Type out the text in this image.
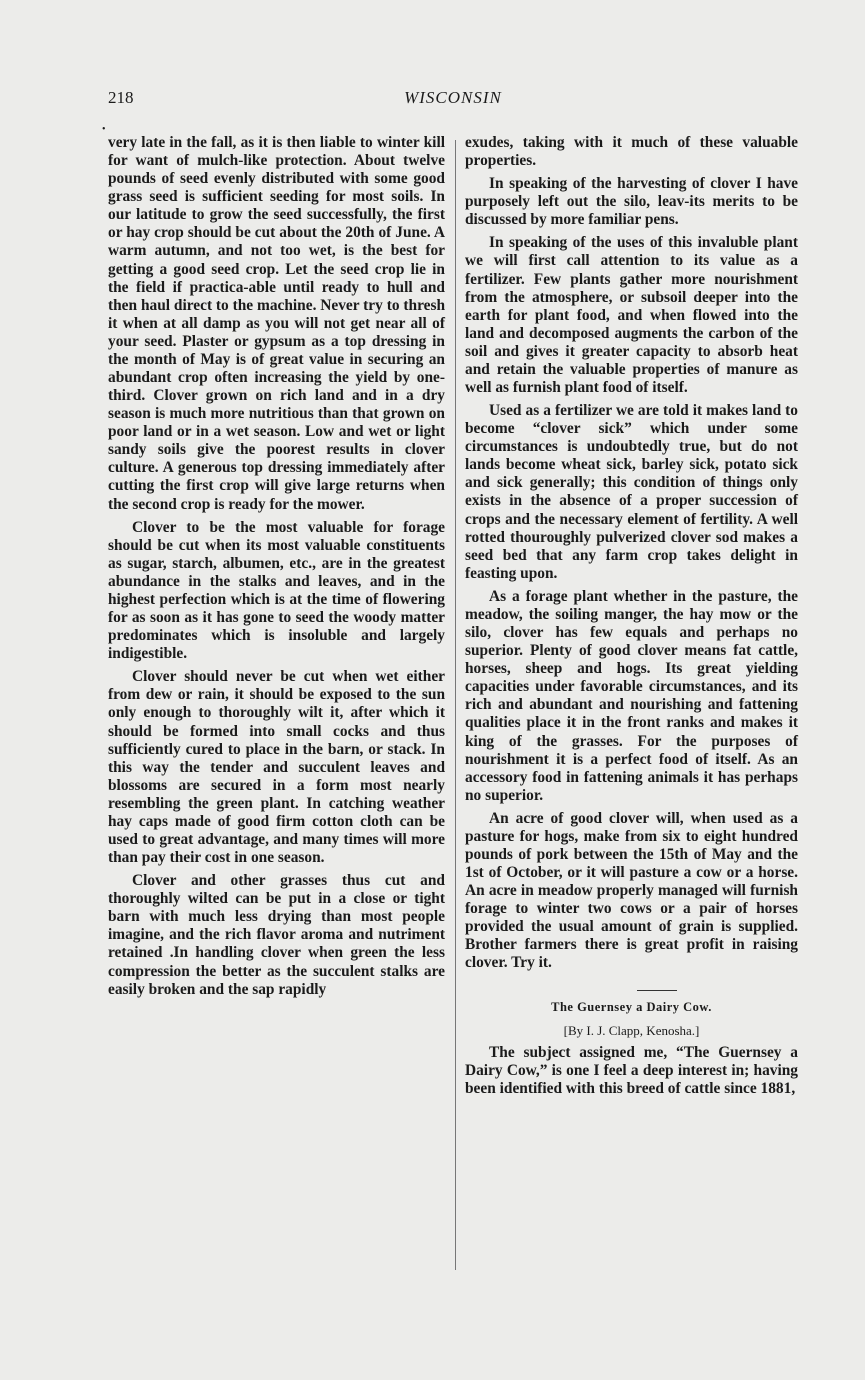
218	WISCONSIN
•

very late in the fall, as it is then liable to winter kill for want of mulch-like protection. About twelve pounds of seed evenly distributed with some good grass seed is sufficient seeding for most soils. In our latitude to grow the seed successfully, the first or hay crop should be cut about the 20th of June. A warm autumn, and not too wet, is the best for getting a good seed crop. Let the seed crop lie in the field if practica-able until ready to hull and then haul direct to the machine. Never try to thresh it when at all damp as you will not get near all of your seed. Plaster or gypsum as a top dressing in the month of May is of great value in securing an abundant crop often increasing the yield by one-third. Clover grown on rich land and in a dry season is much more nutritious than that grown on poor land or in a wet season. Low and wet or light sandy soils give the poorest results in clover culture. A generous top dressing immediately after cutting the first crop will give large returns when the second crop is ready for the mower.

Clover to be the most valuable for forage should be cut when its most valuable constituents as sugar, starch, albumen, etc., are in the greatest abundance in the stalks and leaves, and in the highest perfection which is at the time of flowering for as soon as it has gone to seed the woody matter predominates which is insoluble and largely indigestible.

Clover should never be cut when wet either from dew or rain, it should be exposed to the sun only enough to thoroughly wilt it, after which it should be formed into small cocks and thus sufficiently cured to place in the barn, or stack. In this way the tender and succulent leaves and blossoms are secured in a form most nearly resembling the green plant. In catching weather hay caps made of good firm cotton cloth can be used to great advantage, and many times will more than pay their cost in one season.

Clover and other grasses thus cut and thoroughly wilted can be put in a close or tight barn with much less drying than most people imagine, and the rich flavor aroma and nutriment retained .In handling clover when green the less compression the better as the succulent stalks are easily broken and the sap rapidly

exudes, taking with it much of these valuable properties.

In speaking of the harvesting of clover I have purposely left out the silo, leav-its merits to be discussed by more familiar pens.

In speaking of the uses of this invaluble plant we will first call attention to its value as a fertilizer. Few plants gather more nourishment from the atmosphere, or subsoil deeper into the earth for plant food, and when flowed into the land and decomposed augments the carbon of the soil and gives it greater capacity to absorb heat and retain the valuable properties of manure as well as furnish plant food of itself.

Used as a fertilizer we are told it makes land to become “clover sick” which under some circumstances is undoubtedly true, but do not lands become wheat sick, barley sick, potato sick and sick generally; this condition of things only exists in the absence of a proper succession of crops and the necessary element of fertility. A well rotted thouroughly pulverized clover sod makes a seed bed that any farm crop takes delight in feasting upon.

As a forage plant whether in the pasture, the meadow, the soiling manger, the hay mow or the silo, clover has few equals and perhaps no superior. Plenty of good clover means fat cattle, horses, sheep and hogs. Its great yielding capacities under favorable circumstances, and its rich and abundant and nourishing and fattening qualities place it in the front ranks and makes it king of the grasses. For the purposes of nourishment it is a perfect food of itself. As an accessory food in fattening animals it has perhaps no superior.

An acre of good clover will, when used as a pasture for hogs, make from six to eight hundred pounds of pork between the 15th of May and the 1st of October, or it will pasture a cow or a horse. An acre in meadow properly managed will furnish forage to winter two cows or a pair of horses provided the usual amount of grain is supplied. Brother farmers there is great profit in raising clover. Try it.

The Guernsey a Dairy Cow.
[By I. J. Clapp, Kenosha.]

The subject assigned me, “The Guernsey a Dairy Cow,” is one I feel a deep interest in; having been identified with this breed of cattle since 1881,
